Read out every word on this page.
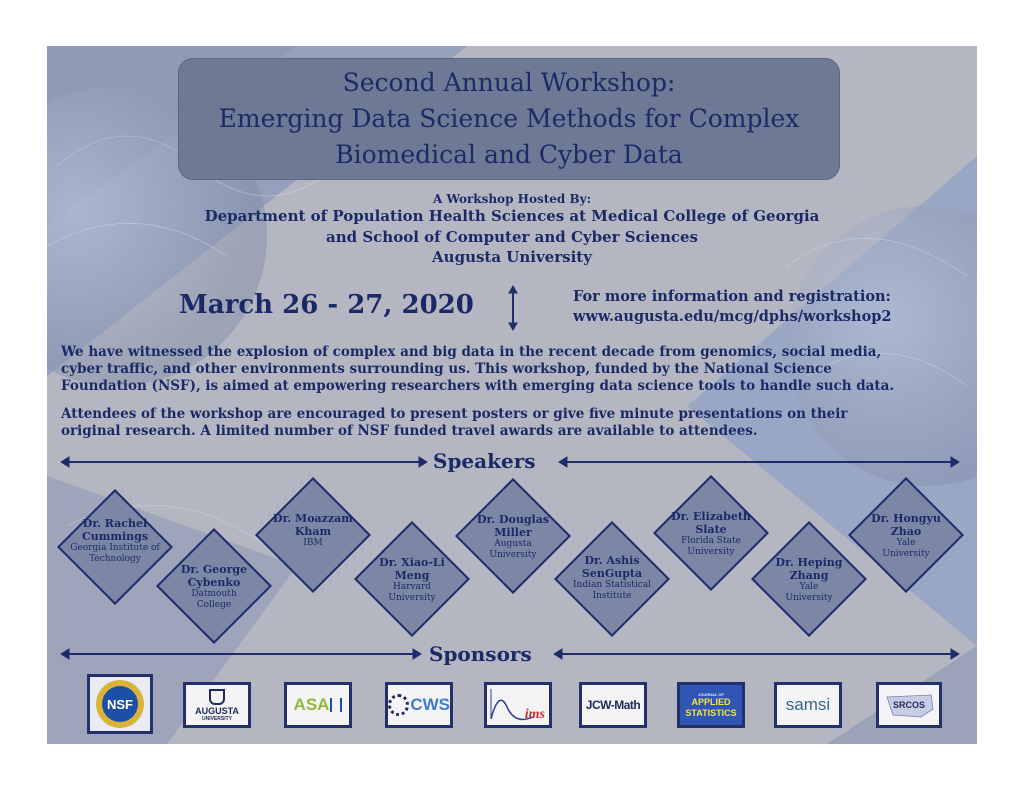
Second Annual Workshop:
Emerging Data Science Methods for Complex
Biomedical and Cyber Data
A Workshop Hosted By:
Department of Population Health Sciences at Medical College of Georgia
and School of Computer and Cyber Sciences
Augusta University
March 26 - 27, 2020	For more information and registration:
www.augusta.edu/mcg/dphs/workshop2
We have witnessed the explosion of complex and big data in the recent decade from genomics, social media,
cyber traffic, and other environments surrounding us. This workshop, funded by the National Science
Foundation (NSF), is aimed at empowering researchers with emerging data science tools to handle such data.
Attendees of the workshop are encouraged to present posters or give five minute presentations on their
original research. A limited number of NSF funded travel awards are available to attendees.
Speakers
Dr. Rachel
Cummings
Georgia Institute of
Technology
Dr. George
Cybenko
Datmouth
College
Dr. Moazzam
Kham
IBM
Dr. Xiao-Li
Meng
Harvard
University
Dr. Douglas
Miller
Augusta
University	Dr. Ashis
SenGupta
Indian Statistical
Institute
Dr. Elizabeth
Slate
Florida State
University
Dr. Heping
Zhang
Yale
University
Dr. Hongyu
Zhao
Yale
University
Sponsors
NSF	AUGUSTA
UNIVERSITY
ASA	CWS
ims
JCW-Math
JOURNAL OF
APPLIED
STATISTICS	samsi	SRCOS
